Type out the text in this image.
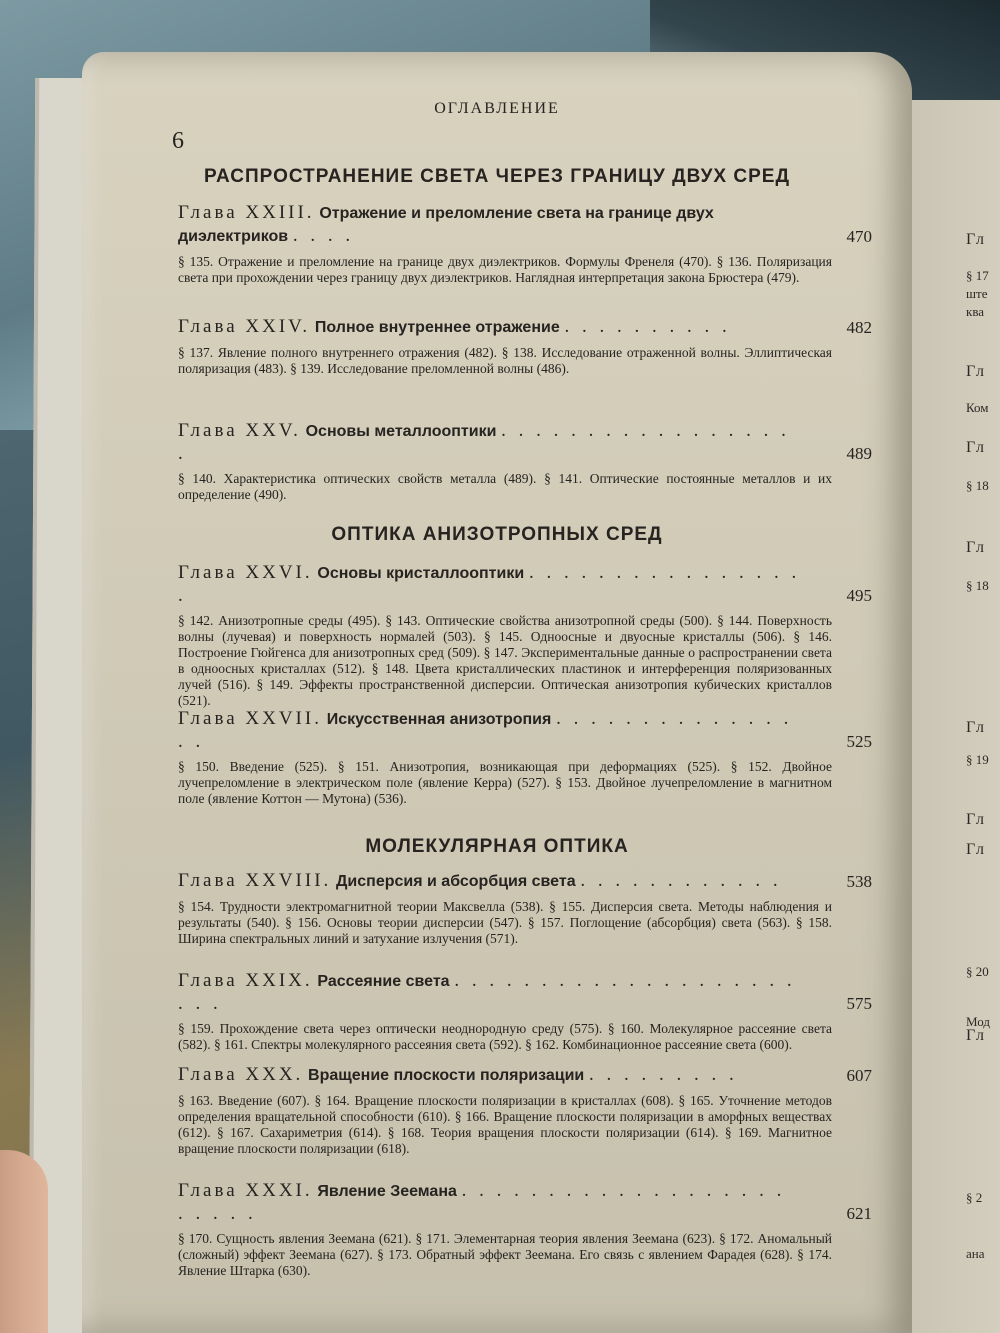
Гл
§ 17
штe
ква
Гл
Ком
Гл
§ 18
Гл
§ 18
Гл
§ 19
Гл
Гл
§ 20
Мод
Гл
§ 2
ана
ОГЛАВЛЕНИЕ
6
РАСПРОСТРАНЕНИЕ СВЕТА ЧЕРЕЗ ГРАНИЦУ ДВУХ СРЕД
Глава XXIII. Отражение и преломление света на границе двух диэлектриков . . . .	470
§ 135. Отражение и преломление на границе двух диэлектриков. Формулы Френеля (470). § 136. Поляризация света при прохождении через границу двух диэлектриков. Наглядная интерпретация закона Брюстера (479).
Глава XXIV. Полное внутреннее отражение . . . . . . . . . .	482
§ 137. Явление полного внутреннего отражения (482). § 138. Исследование отраженной волны. Эллиптическая поляризация (483). § 139. Исследование преломленной волны (486).
Глава XXV. Основы металлооптики . . . . . . . . . . . . . . . . . .	489
§ 140. Характеристика оптических свойств металла (489). § 141. Оптические постоянные металлов и их определение (490).
ОПТИКА АНИЗОТРОПНЫХ СРЕД
Глава XXVI. Основы кристаллооптики . . . . . . . . . . . . . . . . .	495
§ 142. Анизотропные среды (495). § 143. Оптические свойства анизотропной среды (500). § 144. Поверхность волны (лучевая) и поверхность нормалей (503). § 145. Одноосные и двуосные кристаллы (506). § 146. Построение Гюйгенса для анизотропных сред (509). § 147. Экспериментальные данные о распространении света в одноосных кристаллах (512). § 148. Цвета кристаллических пластинок и интерференция поляризованных лучей (516). § 149. Эффекты пространственной дисперсии. Оптическая анизотропия кубических кристаллов (521).
Глава XXVII. Искусственная анизотропия . . . . . . . . . . . . . . . .	525
§ 150. Введение (525). § 151. Анизотропия, возникающая при деформациях (525). § 152. Двойное лучепреломление в электрическом поле (явление Керра) (527). § 153. Двойное лучепреломление в магнитном поле (явление Коттон — Мутона) (536).
МОЛЕКУЛЯРНАЯ ОПТИКА
Глава XXVIII. Дисперсия и абсорбция света . . . . . . . . . . . .	538
§ 154. Трудности электромагнитной теории Максвелла (538). § 155. Дисперсия света. Методы наблюдения и результаты (540). § 156. Основы теории дисперсии (547). § 157. Поглощение (абсорбция) света (563). § 158. Ширина спектральных линий и затухание излучения (571).
Глава XXIX. Рассеяние света . . . . . . . . . . . . . . . . . . . . . . .	575
§ 159. Прохождение света через оптически неоднородную среду (575). § 160. Молекулярное рассеяние света (582). § 161. Спектры молекулярного рассеяния света (592). § 162. Комбинационное рассеяние света (600).
Глава XXX. Вращение плоскости поляризации . . . . . . . . .	607
§ 163. Введение (607). § 164. Вращение плоскости поляризации в кристаллах (608). § 165. Уточнение методов определения вращательной способности (610). § 166. Вращение плоскости поляризации в аморфных веществах (612). § 167. Сахариметрия (614). § 168. Теория вращения плоскости поляризации (614). § 169. Магнитное вращение плоскости поляризации (618).
Глава XXXI. Явление Зеемана . . . . . . . . . . . . . . . . . . . . . . . .	621
§ 170. Сущность явления Зеемана (621). § 171. Элементарная теория явления Зеемана (623). § 172. Аномальный (сложный) эффект Зеемана (627). § 173. Обратный эффект Зеемана. Его связь с явлением Фарадея (628). § 174. Явление Штарка (630).
